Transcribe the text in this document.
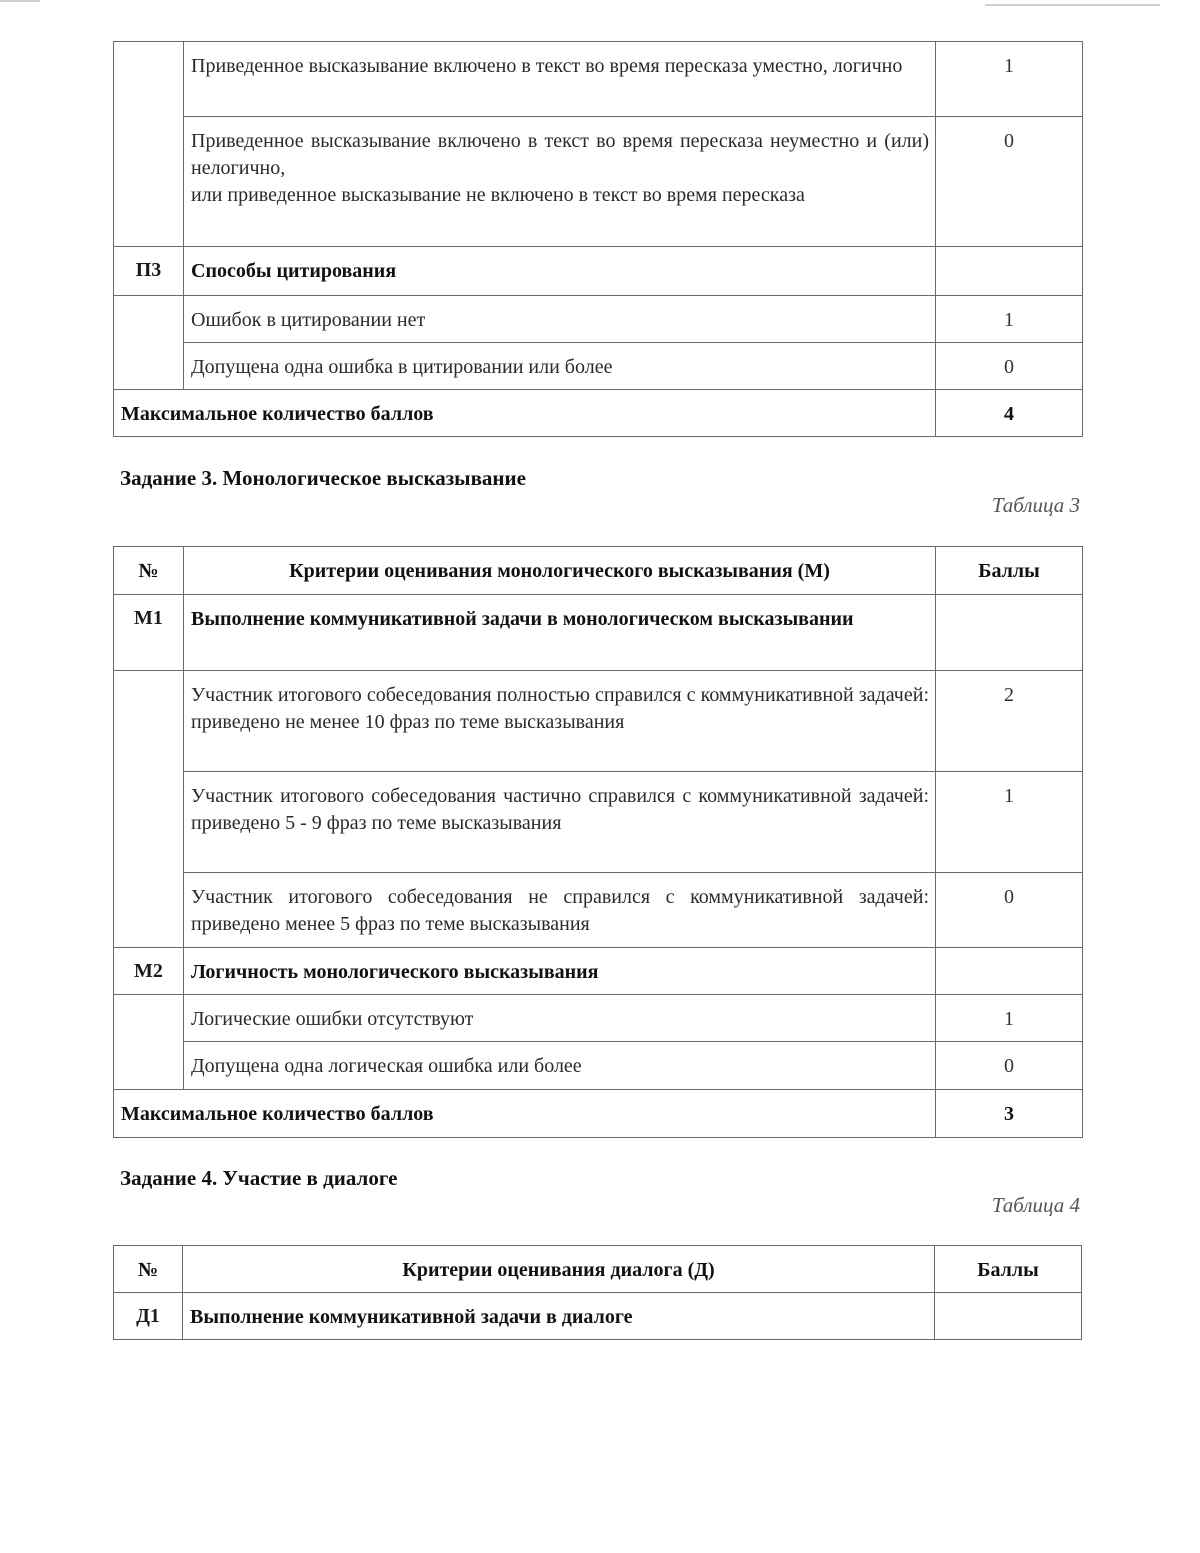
	Приведенное высказывание включено в текст во время пересказа уместно, логично	1

	Приведенное высказывание включено в текст во время пересказа неуместно и (или) нелогично,
или приведенное высказывание не включено в текст во время пересказа	0
П3	Способы цитирования	
	Ошибок в цитировании нет	1
	Допущена одна ошибка в цитировании или более	0
Максимальное количество баллов		4
Задание 3. Монологическое высказывание
Таблица 3
№	Критерии оценивания монологического высказывания (М)	Баллы
М1	Выполнение коммуникативной задачи в монологическом высказывании	
	Участник итогового собеседования полностью справился с коммуникативной задачей: приведено не менее 10 фраз по теме высказывания	2
	Участник итогового собеседования частично справился с коммуникативной задачей: приведено 5 - 9 фраз по теме высказывания	1
	Участник итогового собеседования не справился с коммуникативной задачей: приведено менее 5 фраз по теме высказывания	0
М2	Логичность монологического высказывания	
	Логические ошибки отсутствуют	1
	Допущена одна логическая ошибка или более	0
Максимальное количество баллов		3
Задание 4. Участие в диалоге
Таблица 4
№	Критерии оценивания диалога (Д)	Баллы
Д1	Выполнение коммуникативной задачи в диалоге	
